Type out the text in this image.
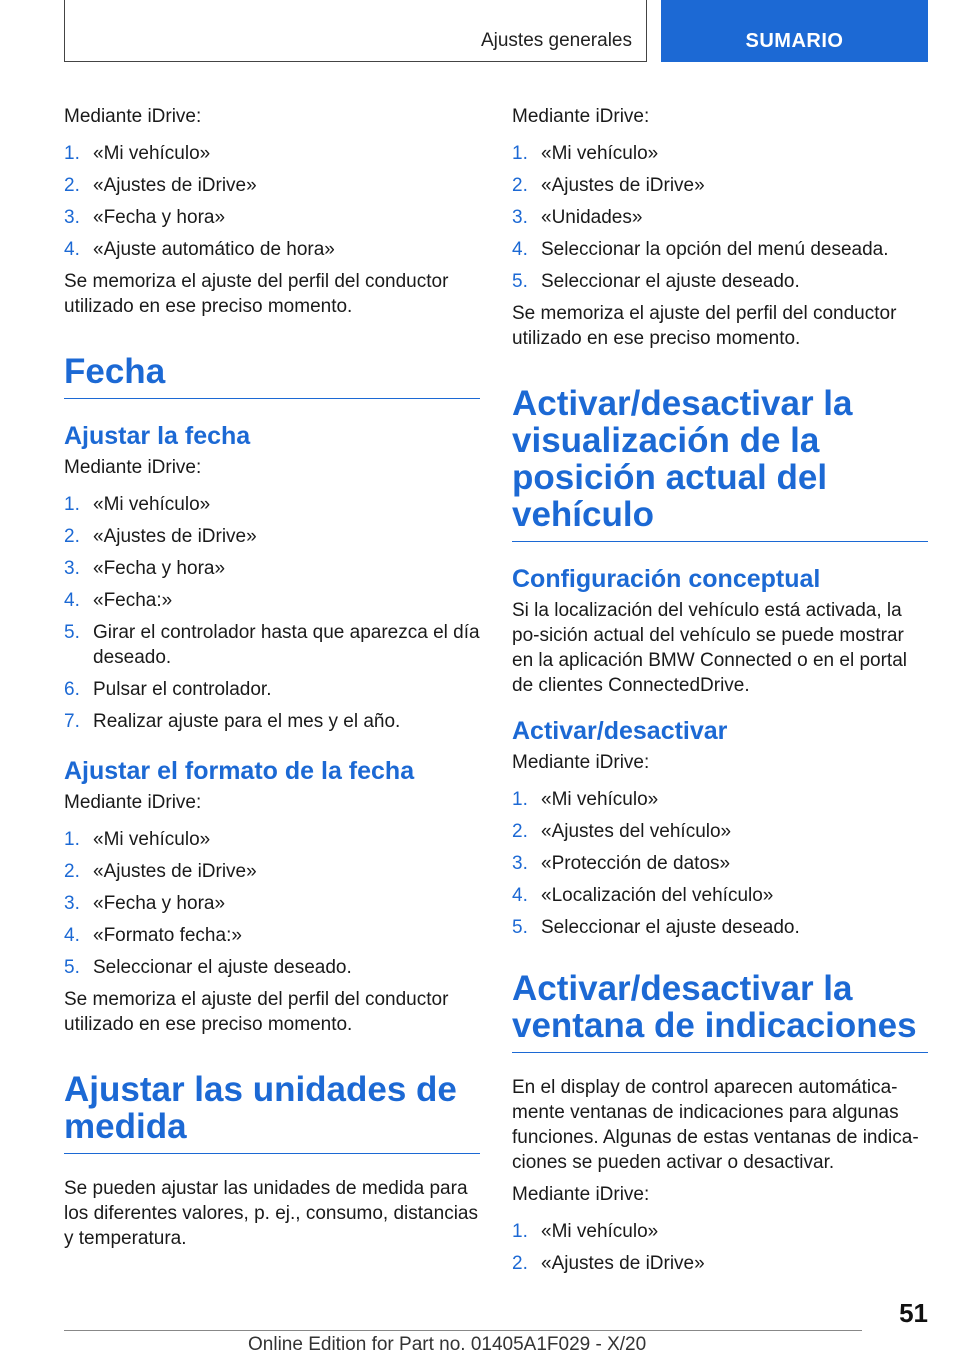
Ajustes generales	SUMARIO

Mediante iDrive:

1. «Mi vehículo»
2. «Ajustes de iDrive»
3. «Fecha y hora»
4. «Ajuste automático de hora»

Se memoriza el ajuste del perfil del conductor utilizado en ese preciso momento.

Fecha
Ajustar la fecha

Mediante iDrive:

1. «Mi vehículo»
2. «Ajustes de iDrive»
3. «Fecha y hora»
4. «Fecha:»
5. Girar el controlador hasta que aparezca el día deseado.
6. Pulsar el controlador.
7. Realizar ajuste para el mes y el año.
Ajustar el formato de la fecha

Mediante iDrive:

1. «Mi vehículo»
2. «Ajustes de iDrive»
3. «Fecha y hora»
4. «Formato fecha:»
5. Seleccionar el ajuste deseado.

Se memoriza el ajuste del perfil del conductor utilizado en ese preciso momento.

Ajustar las unidades de medida

Se pueden ajustar las unidades de medida para los diferentes valores, p. ej., consumo, distancias y temperatura.

Mediante iDrive:

1. «Mi vehículo»
2. «Ajustes de iDrive»
3. «Unidades»
4. Seleccionar la opción del menú deseada.
5. Seleccionar el ajuste deseado.

Se memoriza el ajuste del perfil del conductor utilizado en ese preciso momento.

Activar/desactivar la visualización de la posición actual del vehículo
Configuración conceptual

Si la localización del vehículo está activada, la po-sición actual del vehículo se puede mostrar en la aplicación BMW Connected o en el portal de clientes ConnectedDrive.

Activar/desactivar

Mediante iDrive:

1. «Mi vehículo»
2. «Ajustes del vehículo»
3. «Protección de datos»
4. «Localización del vehículo»
5. Seleccionar el ajuste deseado.
Activar/desactivar la ventana de indicaciones

En el display de control aparecen automática-mente ventanas de indicaciones para algunas funciones. Algunas de estas ventanas de indica-ciones se pueden activar o desactivar.

Mediante iDrive:

1. «Mi vehículo»
2. «Ajustes de iDrive»
51
Online Edition for Part no. 01405A1F029 - X/20
